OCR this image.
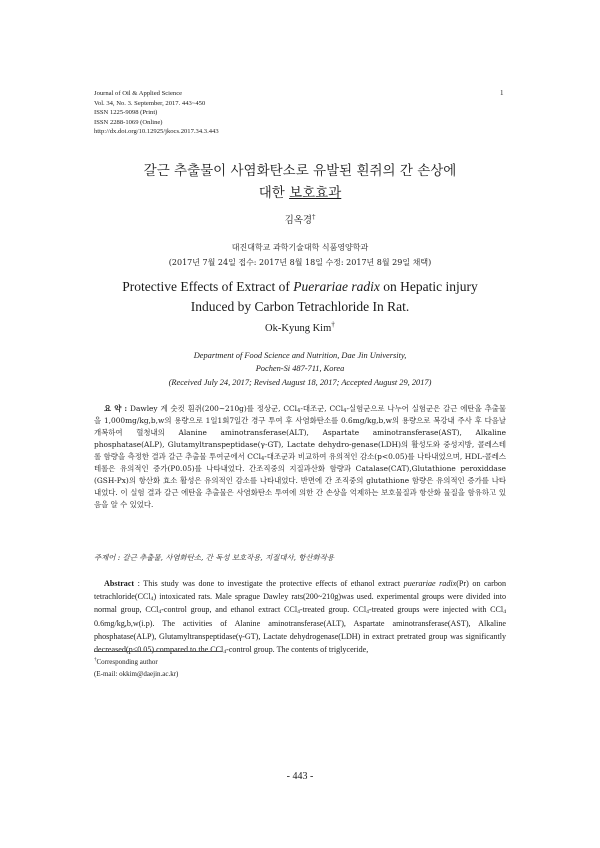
Journal of Oil & Applied Science
Vol. 34, No. 3. September, 2017. 443~450
ISSN 1225-9098 (Print)
ISSN 2288-1069 (Online)
http://dx.doi.org/10.12925/jkocs.2017.34.3.443
1
갈근 추출물이 사염화탄소로 유발된 흰쥐의 간 손상에
대한 보호효과
김옥경†
대진대학교 과학기술대학 식품영양학과
(2017년 7월 24일 접수: 2017년 8월 18일 수정: 2017년 8월 29일 채택)
Protective Effects of Extract of Puerariae radix on Hepatic injury
Induced by Carbon Tetrachloride In Rat.
Ok-Kyung Kim†
Department of Food Science and Nutrition, Dae Jin University,
Pochen-Si 487-711, Korea
(Received July 24, 2017; Revised August 18, 2017; Accepted August 29, 2017)
요 약 : Dawley 계 숫컷 흰쥐(200~210g)를 정상군, CCl$_4$-대조군, CCl$_4$-실험군으로 나누어 실험군은 갈근 에탄올 추출물을 1,000mg/kg,b,w의 용량으로 1일1회7일간 경구 투여 후 사염화탄소를 0.6mg/kg,b,w의 용량으로 복강내 주사 후 다음날 개복하여 혈청내의 Alanine aminotransferase(ALT), Aspartate aminotransferase(AST), Alkaline phosphatase(ALP), Glutamyltranspeptidase(γ-GT), Lactate dehydro-genase(LDH)의 활성도와 중성지방, 콜레스테롤 함량을 측정한 결과 갈근 추출물 투여군에서 CCl$_4$-대조군과 비교하여 유의적인 감소(p<0.05)를 나타내었으며, HDL-콜레스테롤은 유의적인 증가(P0.05)를 나타내었다. 간조직중의 지질과산화 함량과 Catalase(CAT),Glutathione peroxiddase (GSH-Px)의 항산화 효소 활성은 유의적인 감소를 나타내었다. 반면에 간 조직중의 glutathione 함량은 유의적인 증가를 나타내었다. 이 실험 결과 갈근 에탄올 추출물은 사염화탄소 투여에 의한 간 손상을 억제하는 보호물질과 항산화 물질을 함유하고 있음을 알 수 있었다.
주제어 : 갈근 추출물, 사염화탄소, 간 독성 보호작용, 지질대사, 항산화작용
Abstract : This study was done to investigate the protective effects of ethanol extract puerariae radix(Pr) on carbon tetrachloride(CCl$_4$) intoxicated rats. Male sprague Dawley rats(200~210g)was used. experimental groups were divided into normal group, CCl$_4$-control group, and ethanol extract CCl$_4$-treated group. CCl$_4$-treated groups were injected with CCl$_4$ 0.6mg/kg,b,w(i.p). The activities of Alanine aminotransferase(ALT), Aspartate aminotransferase(AST), Alkaline phosphatase(ALP), Glutamyltranspeptidase(γ-GT), Lactate dehydrogenase(LDH) in extract pretrated group was significantly decreased(p<0.05) compared to the CCl$_4$-control group. The contents of triglyceride,
†Corresponding author
(E-mail: okkim@daejin.ac.kr)
- 443 -
